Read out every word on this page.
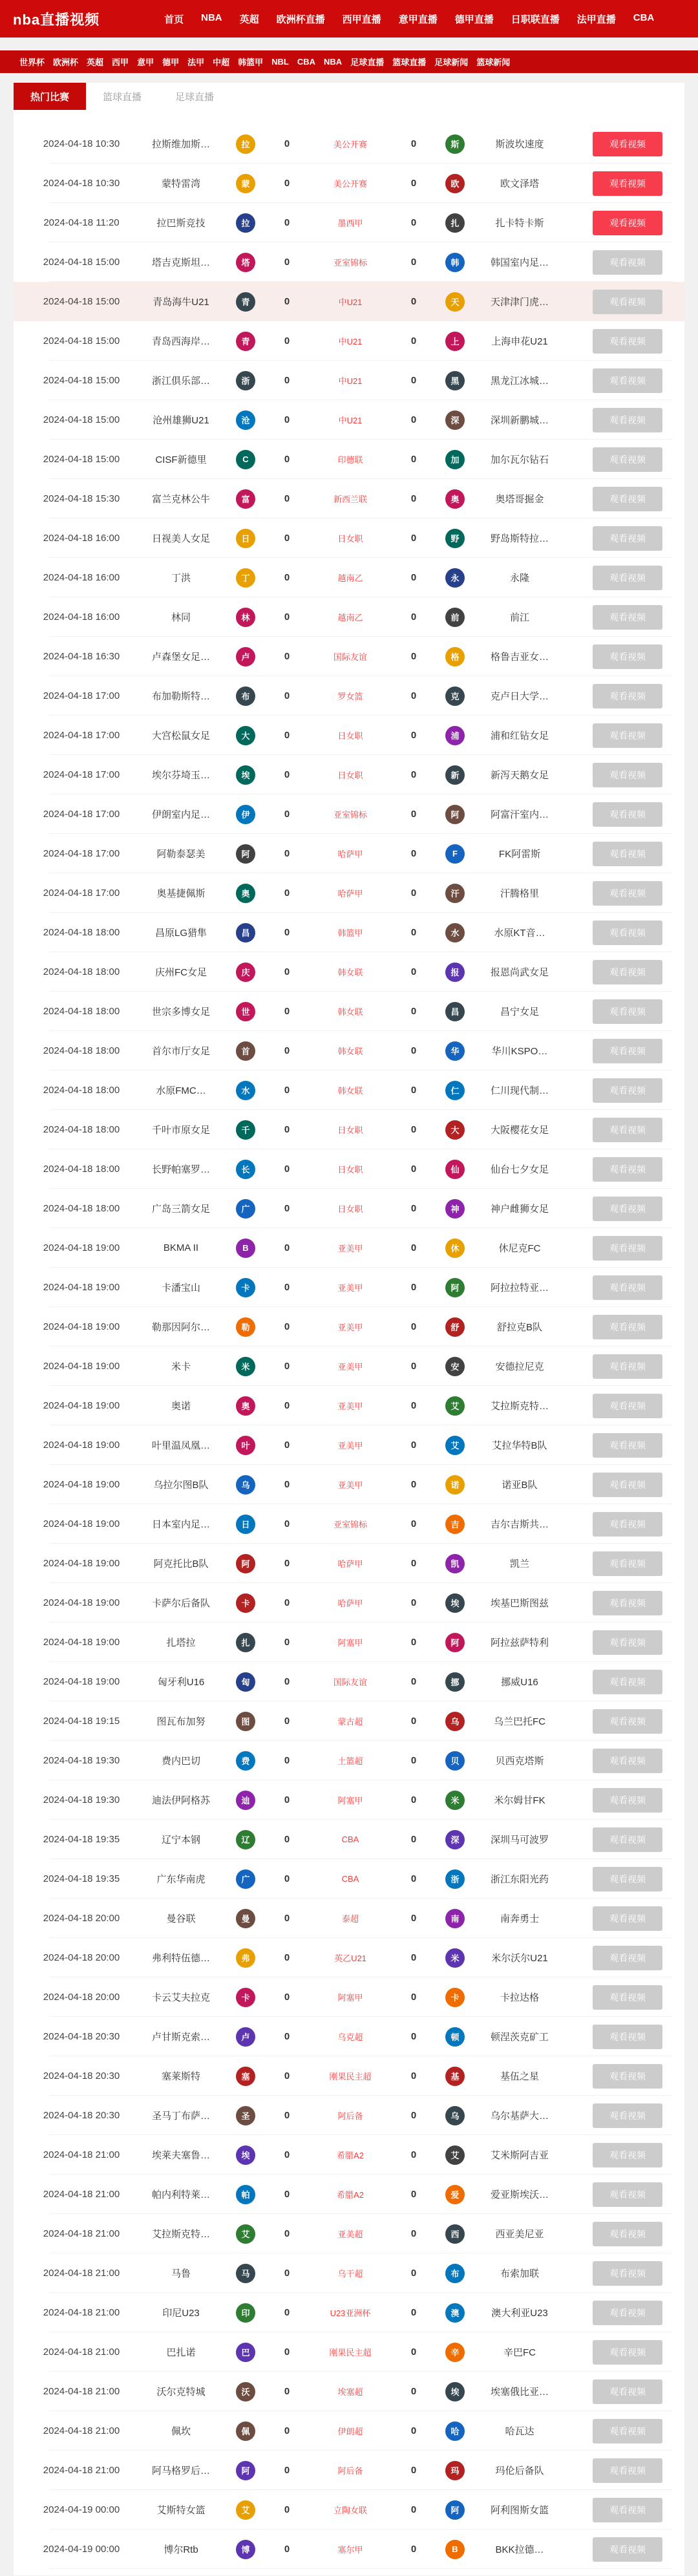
nba直播视频	首页 NBA 英超 欧洲杯直播 西甲直播 意甲直播 德甲直播 日职联直播 法甲直播 CBA
世界杯 欧洲杯 英超 西甲 意甲 德甲 法甲 中超 韩篮甲 NBL CBA NBA 足球直播 篮球直播 足球新闻 篮球新闻
热门比赛	篮球直播	足球直播
2024-04-18 10:30	拉斯维加斯…	拉	0	美公开赛	0	斯	斯波坎速度	观看视频
2024-04-18 10:30	蒙特雷湾	蒙	0	美公开赛	0	欧	欧文泽塔	观看视频
2024-04-18 11:20	拉巴斯竞技	拉	0	墨西甲	0	扎	扎卡特卡斯	观看视频
2024-04-18 15:00	塔吉克斯坦…	塔	0	亚室锦标	0	韩	韩国室内足…	观看视频
2024-04-18 15:00	青岛海牛U21	青	0	中U21	0	天	天津津门虎…	观看视频
2024-04-18 15:00	青岛西海岸…	青	0	中U21	0	上	上海申花U21	观看视频
2024-04-18 15:00	浙江俱乐部…	浙	0	中U21	0	黑	黑龙江冰城…	观看视频
2024-04-18 15:00	沧州雄狮U21	沧	0	中U21	0	深	深圳新鹏城…	观看视频
2024-04-18 15:00	CISF新德里	C	0	印德联	0	加	加尔瓦尔钻石	观看视频
2024-04-18 15:30	富兰克林公牛	富	0	新西兰联	0	奥	奥塔哥掘金	观看视频
2024-04-18 16:00	日视美人女足	日	0	日女职	0	野	野岛斯特拉…	观看视频
2024-04-18 16:00	丁洪	丁	0	越南乙	0	永	永隆	观看视频
2024-04-18 16:00	林同	林	0	越南乙	0	前	前江	观看视频
2024-04-18 16:30	卢森堡女足…	卢	0	国际友谊	0	格	格鲁吉亚女…	观看视频
2024-04-18 17:00	布加勒斯特…	布	0	罗女篮	0	克	克卢日大学…	观看视频
2024-04-18 17:00	大宫松鼠女足	大	0	日女职	0	浦	浦和红钻女足	观看视频
2024-04-18 17:00	埃尔芬埼玉…	埃	0	日女职	0	新	新泻天鹅女足	观看视频
2024-04-18 17:00	伊朗室内足…	伊	0	亚室锦标	0	阿	阿富汗室内…	观看视频
2024-04-18 17:00	阿勒泰瑟美	阿	0	哈萨甲	0	F	FK阿雷斯	观看视频
2024-04-18 17:00	奥基捷佩斯	奥	0	哈萨甲	0	汗	汗腾格里	观看视频
2024-04-18 18:00	昌原LG猎隼	昌	0	韩篮甲	0	水	水原KT音…	观看视频
2024-04-18 18:00	庆州FC女足	庆	0	韩女联	0	报	报恩尚武女足	观看视频
2024-04-18 18:00	世宗多博女足	世	0	韩女联	0	昌	昌宁女足	观看视频
2024-04-18 18:00	首尔市厅女足	首	0	韩女联	0	华	华川KSPO…	观看视频
2024-04-18 18:00	水原FMC…	水	0	韩女联	0	仁	仁川现代制…	观看视频
2024-04-18 18:00	千叶市原女足	千	0	日女职	0	大	大阪樱花女足	观看视频
2024-04-18 18:00	长野帕塞罗…	长	0	日女职	0	仙	仙台七夕女足	观看视频
2024-04-18 18:00	广岛三箭女足	广	0	日女职	0	神	神户雌狮女足	观看视频
2024-04-18 19:00	BKMA II	B	0	亚美甲	0	休	休尼克FC	观看视频
2024-04-18 19:00	卡潘宝山	卡	0	亚美甲	0	阿	阿拉拉特亚…	观看视频
2024-04-18 19:00	勒那因阿尔…	勒	0	亚美甲	0	舒	舒拉克B队	观看视频
2024-04-18 19:00	米卡	米	0	亚美甲	0	安	安德拉尼克	观看视频
2024-04-18 19:00	奥诺	奥	0	亚美甲	0	艾	艾拉斯克特…	观看视频
2024-04-18 19:00	叶里温凤凰…	叶	0	亚美甲	0	艾	艾拉华特B队	观看视频
2024-04-18 19:00	乌拉尔图B队	乌	0	亚美甲	0	诺	诺亚B队	观看视频
2024-04-18 19:00	日本室内足…	日	0	亚室锦标	0	吉	吉尔吉斯共…	观看视频
2024-04-18 19:00	阿克托比B队	阿	0	哈萨甲	0	凯	凯兰	观看视频
2024-04-18 19:00	卡萨尔后备队	卡	0	哈萨甲	0	埃	埃基巴斯图兹	观看视频
2024-04-18 19:00	扎塔拉	扎	0	阿塞甲	0	阿	阿拉兹萨特利	观看视频
2024-04-18 19:00	匈牙利U16	匈	0	国际友谊	0	挪	挪威U16	观看视频
2024-04-18 19:15	图瓦布加努	图	0	蒙古超	0	乌	乌兰巴托FC	观看视频
2024-04-18 19:30	费内巴切	费	0	土篮超	0	贝	贝西克塔斯	观看视频
2024-04-18 19:30	迪法伊阿格苏	迪	0	阿塞甲	0	米	米尔姆甘FK	观看视频
2024-04-18 19:35	辽宁本钢	辽	0	CBA	0	深	深圳马可波罗	观看视频
2024-04-18 19:35	广东华南虎	广	0	CBA	0	浙	浙江东阳光药	观看视频
2024-04-18 20:00	曼谷联	曼	0	泰超	0	南	南奔勇士	观看视频
2024-04-18 20:00	弗利特伍德…	弗	0	英乙U21	0	米	米尔沃尔U21	观看视频
2024-04-18 20:00	卡云艾夫拉克	卡	0	阿塞甲	0	卡	卡拉达格	观看视频
2024-04-18 20:30	卢甘斯克索…	卢	0	乌克超	0	顿	顿涅茨克矿工	观看视频
2024-04-18 20:30	塞莱斯特	塞	0	刚果民主超	0	基	基伍之星	观看视频
2024-04-18 20:30	圣马丁布萨…	圣	0	阿后备	0	乌	乌尔基萨大…	观看视频
2024-04-18 21:00	埃莱夫塞鲁…	埃	0	希腊A2	0	艾	艾米斯阿吉亚	观看视频
2024-04-18 21:00	帕内利特莱…	帕	0	希腊A2	0	爱	爱亚斯埃沃…	观看视频
2024-04-18 21:00	艾拉斯克特…	艾	0	亚美超	0	西	西亚美尼亚	观看视频
2024-04-18 21:00	马鲁	马	0	乌干超	0	布	布索加联	观看视频
2024-04-18 21:00	印尼U23	印	0	U23亚洲杯	0	澳	澳大利亚U23	观看视频
2024-04-18 21:00	巴扎诺	巴	0	刚果民主超	0	辛	辛巴FC	观看视频
2024-04-18 21:00	沃尔克特城	沃	0	埃塞超	0	埃	埃塞俄比亚…	观看视频
2024-04-18 21:00	佩坎	佩	0	伊朗超	0	哈	哈瓦达	观看视频
2024-04-18 21:00	阿马格罗后…	阿	0	阿后备	0	玛	玛伦后备队	观看视频
2024-04-19 00:00	艾斯特女篮	艾	0	立陶女联	0	阿	阿利图斯女篮	观看视频
2024-04-19 00:00	博尔Rtb	博	0	塞尔甲	0	B	BKK拉德…	观看视频
